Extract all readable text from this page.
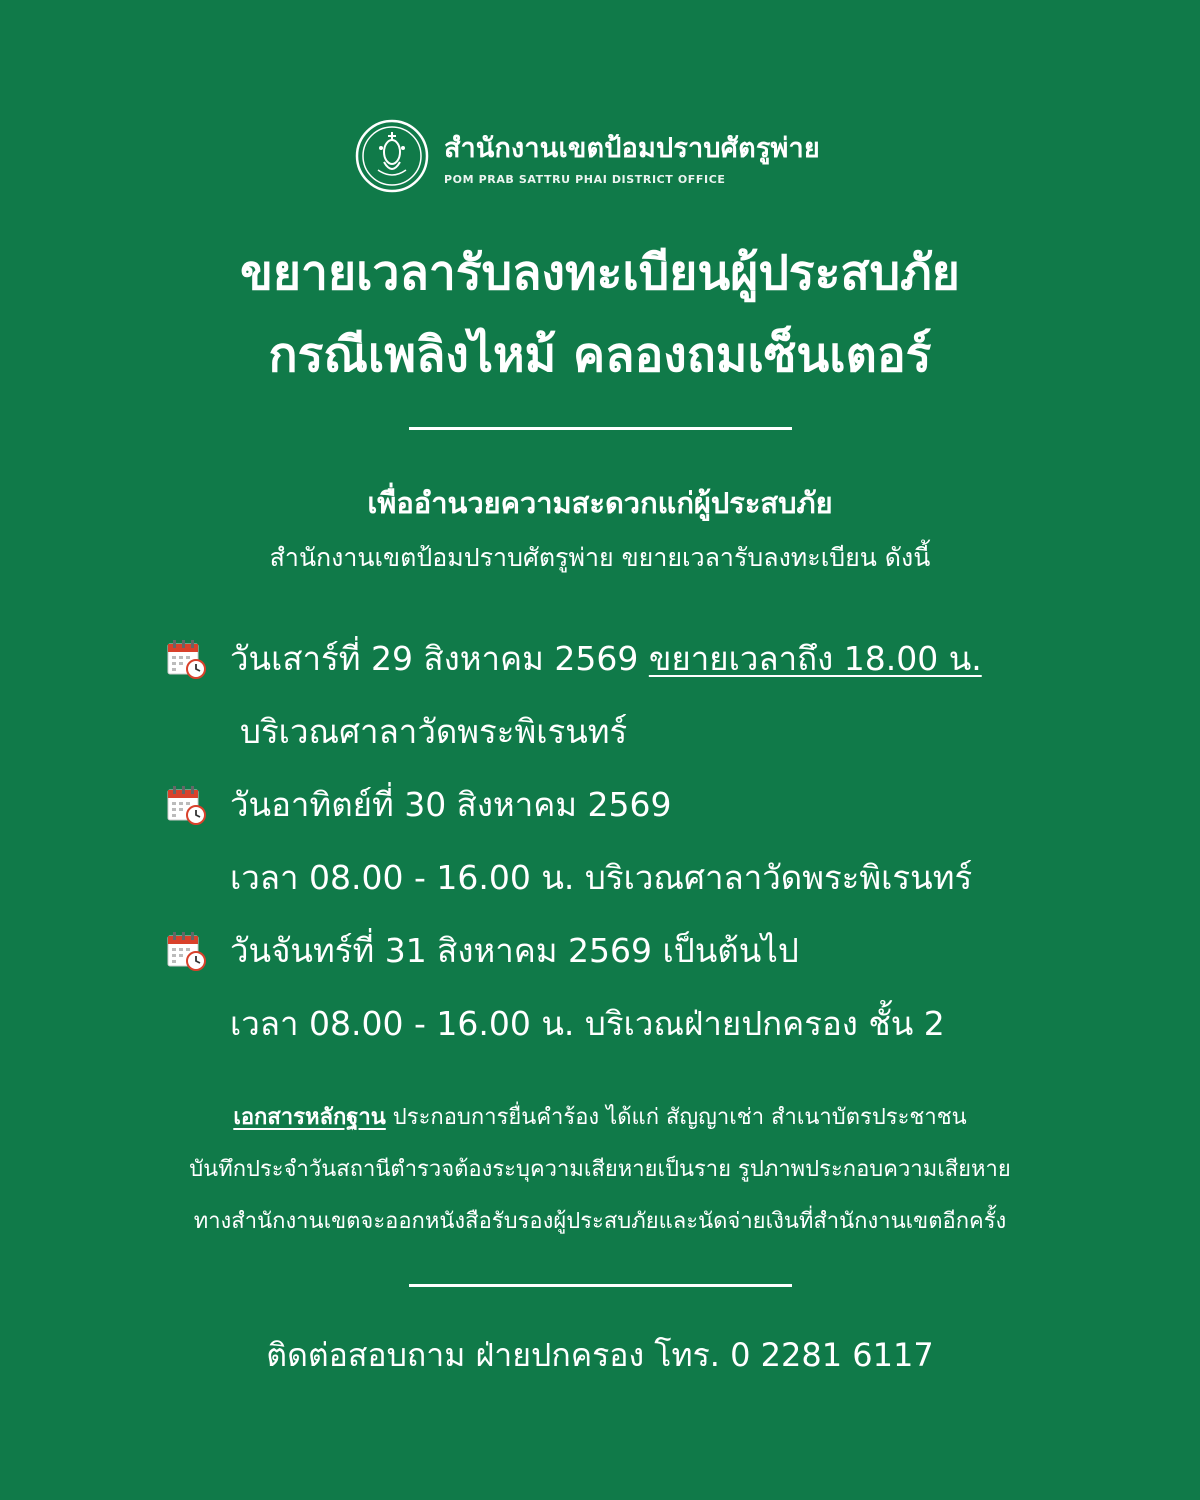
สำนักงานเขตป้อมปราบศัตรูพ่าย
POM PRAB SATTRU PHAI DISTRICT OFFICE
ขยายเวลารับลงทะเบียนผู้ประสบภัย
กรณีเพลิงไหม้ คลองถมเซ็นเตอร์
เพื่ออำนวยความสะดวกแก่ผู้ประสบภัย
สำนักงานเขตป้อมปราบศัตรูพ่าย ขยายเวลารับลงทะเบียน ดังนี้
วันเสาร์ที่ 29 สิงหาคม 2569
ขยายเวลาถึง 18.00 น.
บริเวณศาลาวัดพระพิเรนทร์
วันอาทิตย์ที่ 30 สิงหาคม 2569
เวลา 08.00 - 16.00 น. บริเวณศาลาวัดพระพิเรนทร์
วันจันทร์ที่ 31 สิงหาคม 2569 เป็นต้นไป
เวลา 08.00 - 16.00 น. บริเวณฝ่ายปกครอง ชั้น 2
เอกสารหลักฐาน ประกอบการยื่นคำร้อง ได้แก่ สัญญาเช่า สำเนาบัตรประชาชน
บันทึกประจำวันสถานีตำรวจต้องระบุความเสียหายเป็นราย รูปภาพประกอบความเสียหาย
ทางสำนักงานเขตจะออกหนังสือรับรองผู้ประสบภัยและนัดจ่ายเงินที่สำนักงานเขตอีกครั้ง
ติดต่อสอบถาม ฝ่ายปกครอง โทร. 0 2281 6117
